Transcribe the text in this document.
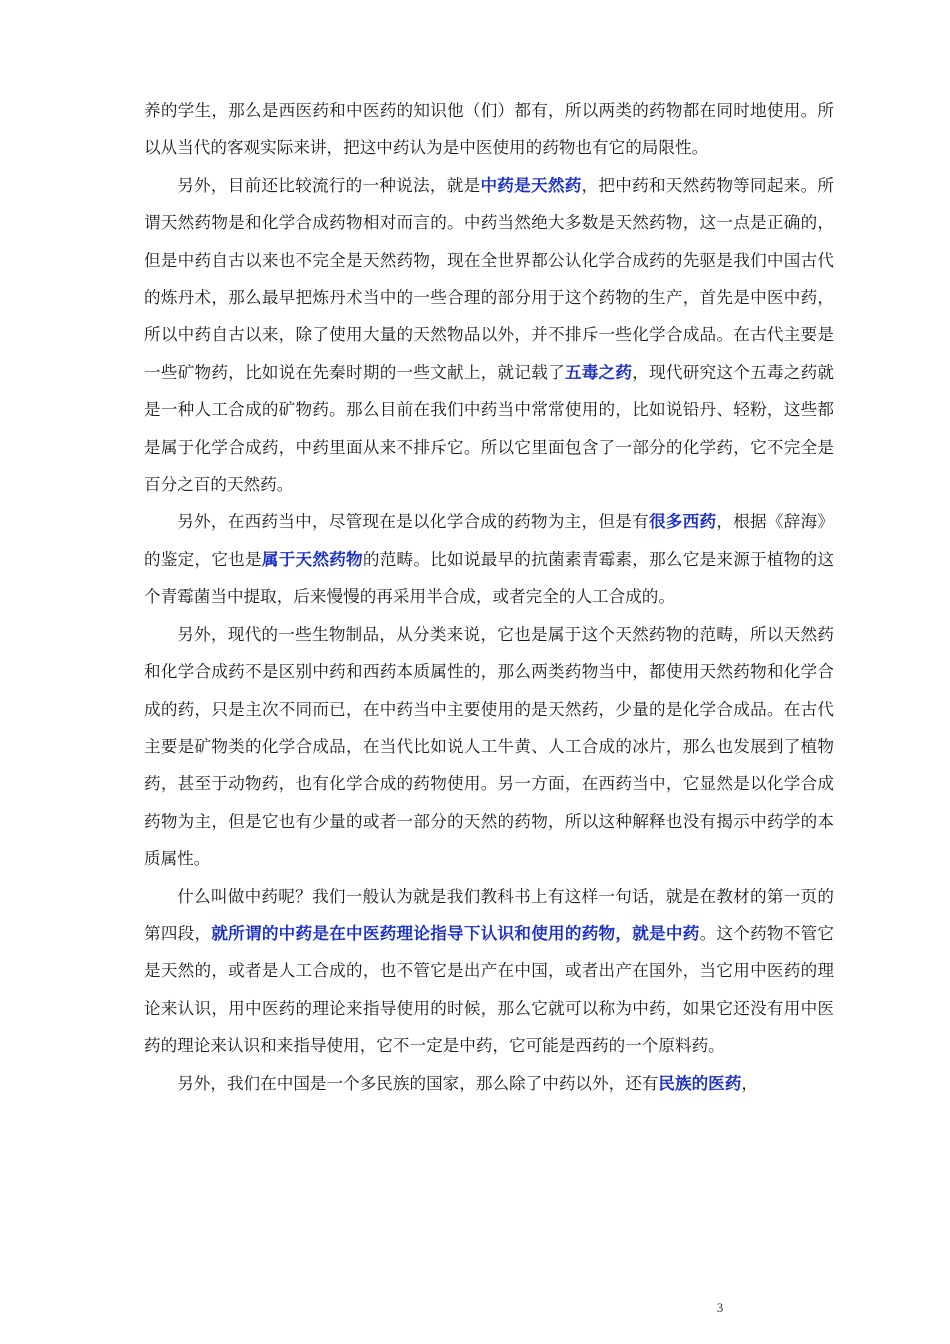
养的学生，那么是西医药和中医药的知识他（们）都有，所以两类的药物都在同时地使用。所以从当代的客观实际来讲，把这中药认为是中医使用的药物也有它的局限性。

另外，目前还比较流行的一种说法，就是中药是天然药，把中药和天然药物等同起来。所谓天然药物是和化学合成药物相对而言的。中药当然绝大多数是天然药物，这一点是正确的，但是中药自古以来也不完全是天然药物，现在全世界都公认化学合成药的先驱是我们中国古代的炼丹术，那么最早把炼丹术当中的一些合理的部分用于这个药物的生产，首先是中医中药，所以中药自古以来，除了使用大量的天然物品以外，并不排斥一些化学合成品。在古代主要是一些矿物药，比如说在先秦时期的一些文献上，就记载了五毒之药，现代研究这个五毒之药就是一种人工合成的矿物药。那么目前在我们中药当中常常使用的，比如说铅丹、轻粉，这些都是属于化学合成药，中药里面从来不排斥它。所以它里面包含了一部分的化学药，它不完全是百分之百的天然药。

另外，在西药当中，尽管现在是以化学合成的药物为主，但是有很多西药，根据《辞海》的鉴定，它也是属于天然药物的范畴。比如说最早的抗菌素青霉素，那么它是来源于植物的这个青霉菌当中提取，后来慢慢的再采用半合成，或者完全的人工合成的。

另外，现代的一些生物制品，从分类来说，它也是属于这个天然药物的范畴，所以天然药和化学合成药不是区别中药和西药本质属性的，那么两类药物当中，都使用天然药物和化学合成的药，只是主次不同而已，在中药当中主要使用的是天然药，少量的是化学合成品。在古代主要是矿物类的化学合成品，在当代比如说人工牛黄、人工合成的冰片，那么也发展到了植物药，甚至于动物药，也有化学合成的药物使用。另一方面，在西药当中，它显然是以化学合成药物为主，但是它也有少量的或者一部分的天然的药物，所以这种解释也没有揭示中药学的本质属性。

什么叫做中药呢？我们一般认为就是我们教科书上有这样一句话，就是在教材的第一页的第四段，就所谓的中药是在中医药理论指导下认识和使用的药物，就是中药。这个药物不管它是天然的，或者是人工合成的，也不管它是出产在中国，或者出产在国外，当它用中医药的理论来认识，用中医药的理论来指导使用的时候，那么它就可以称为中药，如果它还没有用中医药的理论来认识和来指导使用，它不一定是中药，它可能是西药的一个原料药。

另外，我们在中国是一个多民族的国家，那么除了中药以外，还有民族的医药，

3
